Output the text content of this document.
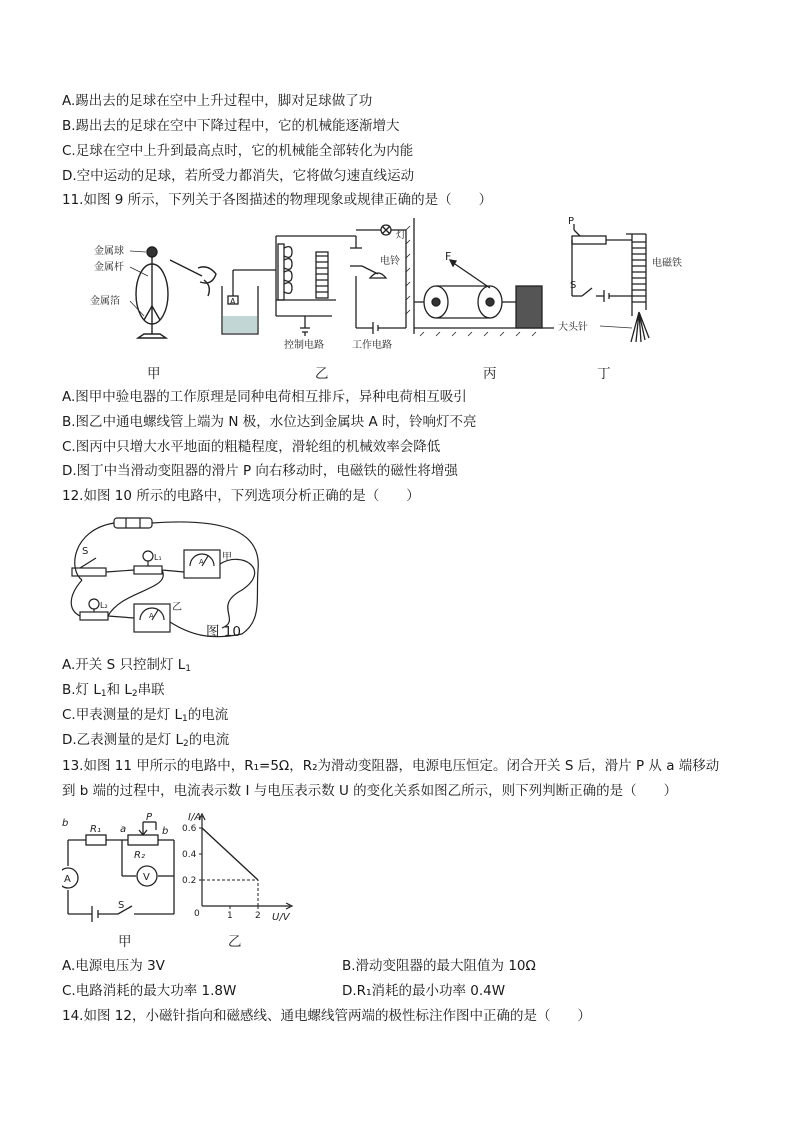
A.踢出去的足球在空中上升过程中，脚对足球做了功
B.踢出去的足球在空中下降过程中，它的机械能逐渐增大
C.足球在空中上升到最高点时，它的机械能全部转化为内能
D.空中运动的足球，若所受力都消失，它将做匀速直线运动
11.如图 9 所示，下列关于各图描述的物理现象或规律正确的是（　　）
金属球
金属杆
金属箔
灯
电铃
A
控制电路	工作电路
F
P
电磁铁
S
大头针
甲	乙	丙	丁
A.图甲中验电器的工作原理是同种电荷相互排斥，异种电荷相互吸引
B.图乙中通电螺线管上端为 N 极，水位达到金属块 A 时，铃响灯不亮
C.图丙中只增大水平地面的粗糙程度，滑轮组的机械效率会降低
D.图丁中当滑动变阻器的滑片 P 向右移动时，电磁铁的磁性将增强
12.如图 10 所示的电路中，下列选项分析正确的是（　　）
S
L₁
L₂
甲
乙
A
A
图 10
A.开关 S 只控制灯 $L_1$
B.灯 $L_1$和 $L_2$串联
C.甲表测量的是灯 $L_1$的电流
D.乙表测量的是灯 $L_2$的电流
13.如图 11 甲所示的电路中，R₁=5Ω，R₂为滑动变阻器，电源电压恒定。闭合开关 S 后，滑片 P 从 a 端移动
到 b 端的过程中，电流表示数 I 与电压表示数 U 的变化关系如图乙所示，则下列判断正确的是（　　）
b
R₁ a
P
R₂
b
A	V
S
I/A
U/V
0
0.2
0.4
0.6
1 2
甲	乙
A.电源电压为 3V	B.滑动变阻器的最大阻值为 10Ω
C.电路消耗的最大功率 1.8W	D.R₁消耗的最小功率 0.4W
14.如图 12，小磁针指向和磁感线、通电螺线管两端的极性标注作图中正确的是（　　）
